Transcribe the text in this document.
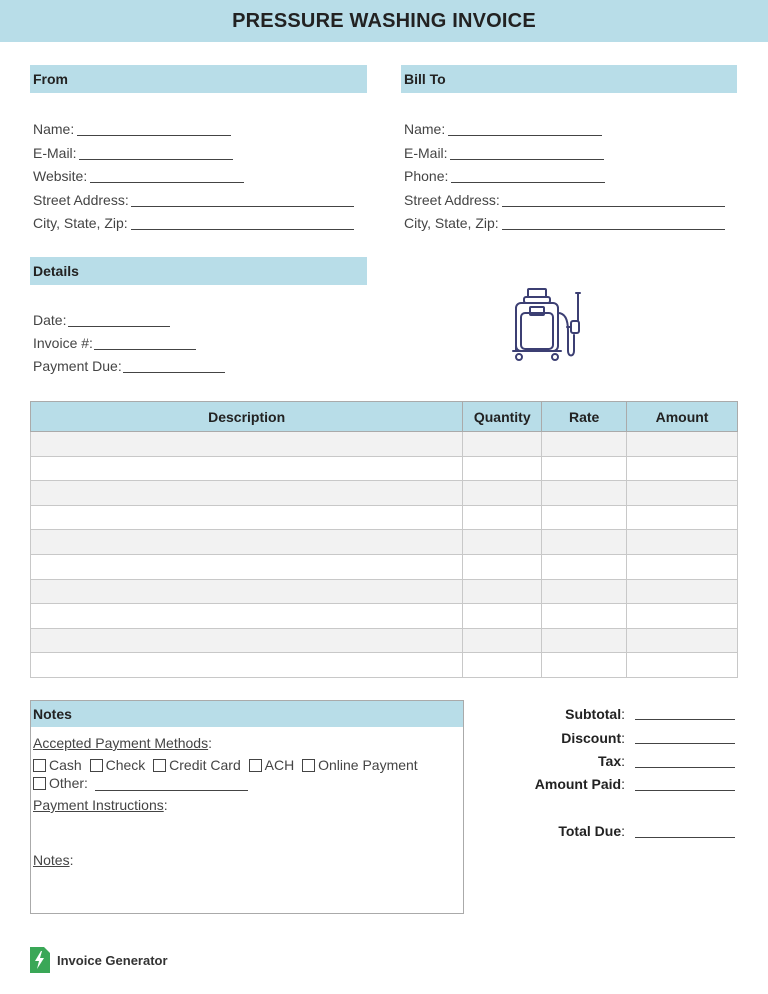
PRESSURE WASHING INVOICE
From
Name:
E-Mail:
Website:
Street Address:
City, State, Zip:
Bill To
Name:
E-Mail:
Phone:
Street Address:
City, State, Zip:
Details
Date:
Invoice #:
Payment Due:
Description	Quantity	Rate	Amount

Notes
Accepted Payment Methods:
Cash Check Credit Card ACH Online Payment
Other:
Payment Instructions:
Notes:
Subtotal:
Discount:
Tax:
Amount Paid:
Total Due:
Invoice Generator
